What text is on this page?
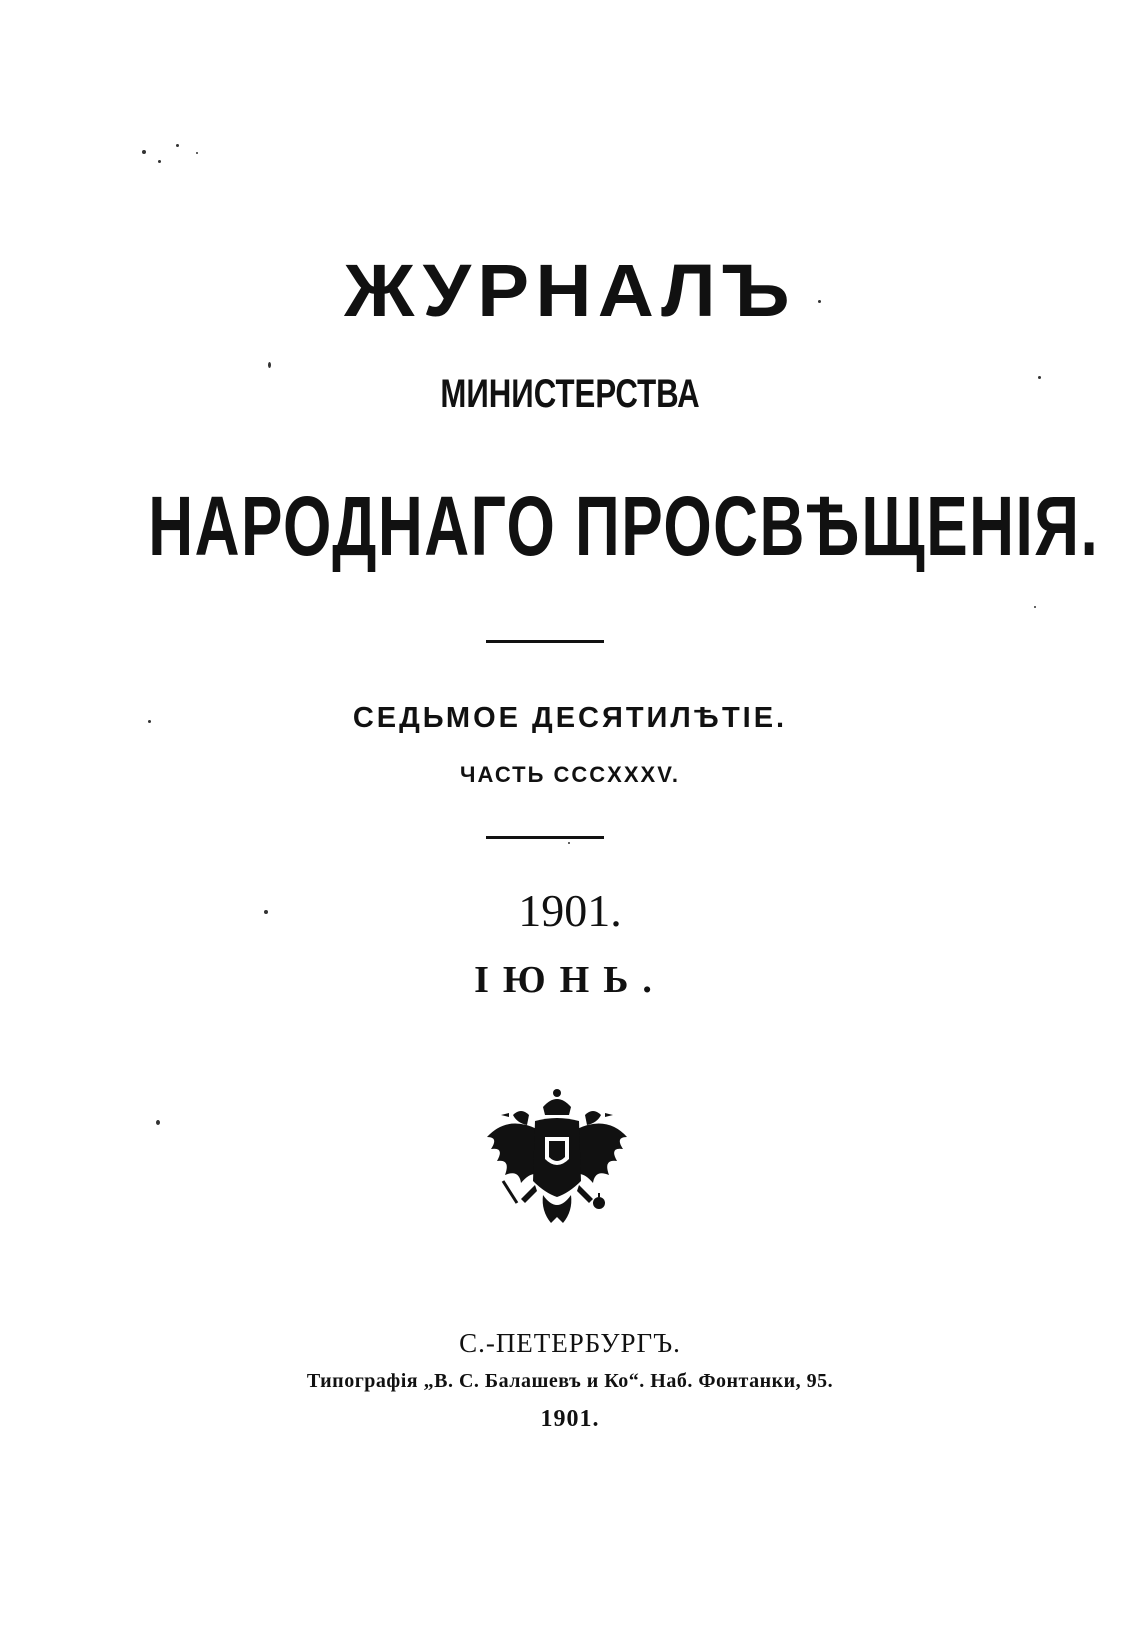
ЖУРНАЛЪ
МИНИСТЕРСТВА
НАРОДНАГО ПРОСВѢЩЕНІЯ.
СЕДЬМОЕ ДЕСЯТИЛѢТІЕ.
ЧАСТЬ CCCXXXV.
1901.
ІЮНЬ.
С.-ПЕТЕРБУРГЪ.
Типографія „В. С. Балашевъ и Ко“. Наб. Фонтанки, 95.
1901.
